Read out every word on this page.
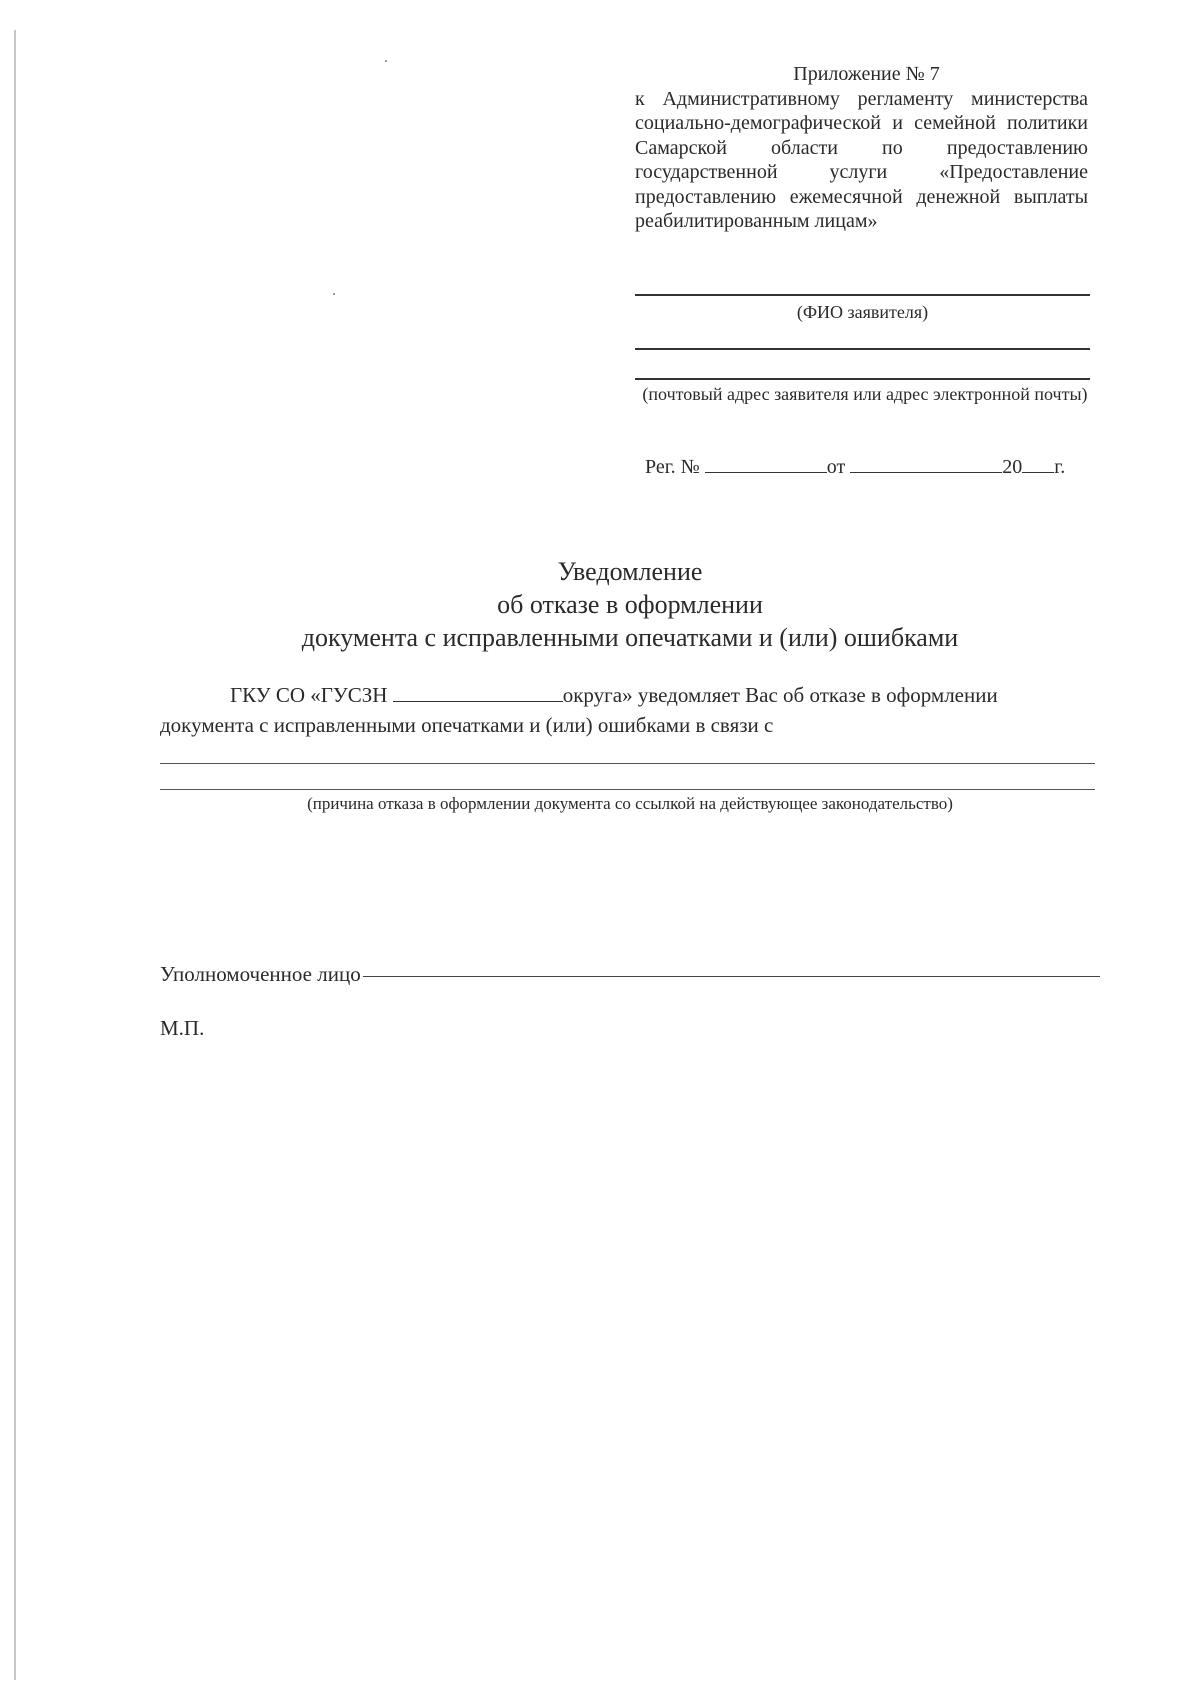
Приложение № 7
к Административному регламенту министерства социально-демографической и семейной политики Самарской области по предоставлению государственной услуги «Предоставление предоставлению ежемесячной денежной выплаты реабилитированным лицам»
(ФИО заявителя)
(почтовый адрес заявителя или адрес электронной почты)
Рег. №	от	20 г.
Уведомление
об отказе в оформлении
документа с исправленными опечатками и (или) ошибками
ГКУ СО «ГУСЗН	округа» уведомляет Вас об отказе в оформлении
документа с исправленными опечатками и (или) ошибками в связи с
(причина отказа в оформлении документа со ссылкой на действующее законодательство)
Уполномоченное лицо
М.П.
